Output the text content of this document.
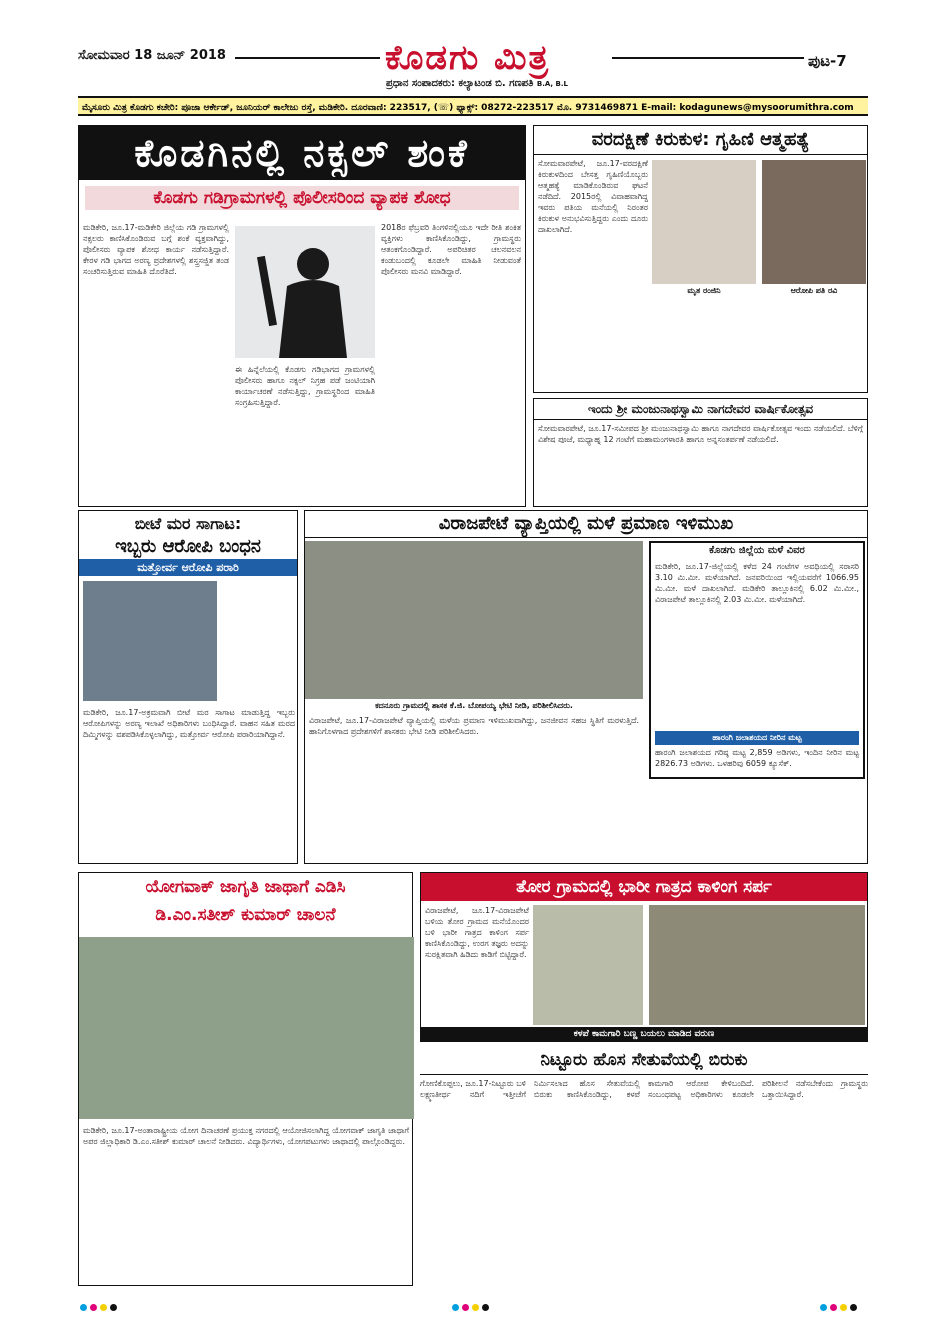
ಸೋಮವಾರ 18 ಜೂನ್ 2018	ಕೊಡಗು ಮಿತ್ರ
ಪ್ರಧಾನ ಸಂಪಾದಕರು: ಕಲ್ಯಾಟಂಡ ಬಿ. ಗಣಪತಿ B.A, B.L
ಪುಟ-7
ಮೈಸೂರು ಮಿತ್ರ ಕೊಡಗು ಕಚೇರಿ: ಪೂಜಾ ಆರ್ಕೇಡ್, ಜೂನಿಯರ್ ಕಾಲೇಜು ರಸ್ತೆ, ಮಡಿಕೇರಿ. ದೂರವಾಣಿ: 223517, (☏) ಫ್ಯಾಕ್ಸ್: 08272-223517 ಮೊ. 9731469871 E-mail: kodagunews@mysoorumithra.com
ಕೊಡಗಿನಲ್ಲಿ ನಕ್ಸಲ್ ಶಂಕೆ
ಕೊಡಗು ಗಡಿಗ್ರಾಮಗಳಲ್ಲಿ ಪೊಲೀಸರಿಂದ ವ್ಯಾಪಕ ಶೋಧ
ಮಡಿಕೇರಿ, ಜೂ.17-ಮಡಿಕೇರಿ ಜಿಲ್ಲೆಯ ಗಡಿ ಗ್ರಾಮಗಳಲ್ಲಿ ನಕ್ಸಲರು ಕಾಣಿಸಿಕೊಂಡಿರುವ ಬಗ್ಗೆ ಶಂಕೆ ವ್ಯಕ್ತವಾಗಿದ್ದು, ಪೊಲೀಸರು ವ್ಯಾಪಕ ಶೋಧ ಕಾರ್ಯ ನಡೆಸುತ್ತಿದ್ದಾರೆ. ಕೇರಳ ಗಡಿ ಭಾಗದ ಅರಣ್ಯ ಪ್ರದೇಶಗಳಲ್ಲಿ ಶಸ್ತ್ರಸಜ್ಜಿತ ತಂಡ ಸಂಚರಿಸುತ್ತಿರುವ ಮಾಹಿತಿ ದೊರೆತಿದೆ.
ಈ ಹಿನ್ನೆಲೆಯಲ್ಲಿ ಕೊಡಗು ಗಡಿಭಾಗದ ಗ್ರಾಮಗಳಲ್ಲಿ ಪೊಲೀಸರು ಹಾಗೂ ನಕ್ಸಲ್ ನಿಗ್ರಹ ಪಡೆ ಜಂಟಿಯಾಗಿ ಕಾರ್ಯಾಚರಣೆ ನಡೆಸುತ್ತಿದ್ದು, ಗ್ರಾಮಸ್ಥರಿಂದ ಮಾಹಿತಿ ಸಂಗ್ರಹಿಸುತ್ತಿದ್ದಾರೆ.
2018ರ ಫೆಬ್ರವರಿ ತಿಂಗಳಿನಲ್ಲಿಯೂ ಇದೇ ರೀತಿ ಶಂಕಿತ ವ್ಯಕ್ತಿಗಳು ಕಾಣಿಸಿಕೊಂಡಿದ್ದು, ಗ್ರಾಮಸ್ಥರು ಆತಂಕಗೊಂಡಿದ್ದಾರೆ. ಅಪರಿಚಿತರ ಚಲನವಲನ ಕಂಡುಬಂದಲ್ಲಿ ಕೂಡಲೇ ಮಾಹಿತಿ ನೀಡುವಂತೆ ಪೊಲೀಸರು ಮನವಿ ಮಾಡಿದ್ದಾರೆ.
ವರದಕ್ಷಿಣೆ ಕಿರುಕುಳ: ಗೃಹಿಣಿ ಆತ್ಮಹತ್ಯೆ
ಸೋಮವಾರಪೇಟೆ, ಜೂ.17-ವರದಕ್ಷಿಣೆ ಕಿರುಕುಳದಿಂದ ಬೇಸತ್ತ ಗೃಹಿಣಿಯೊಬ್ಬರು ಆತ್ಮಹತ್ಯೆ ಮಾಡಿಕೊಂಡಿರುವ ಘಟನೆ ನಡೆದಿದೆ. 2015ರಲ್ಲಿ ವಿವಾಹವಾಗಿದ್ದ ಇವರು ಪತಿಯ ಮನೆಯಲ್ಲಿ ನಿರಂತರ ಕಿರುಕುಳ ಅನುಭವಿಸುತ್ತಿದ್ದರು ಎಂದು ದೂರು ದಾಖಲಾಗಿದೆ.
ಮೃತ ರಂಜಿನಿ	ಆರೋಪಿ ಪತಿ ರವಿ
ಇಂದು ಶ್ರೀ ಮಂಜುನಾಥಸ್ವಾಮಿ ನಾಗದೇವರ ವಾರ್ಷಿಕೋತ್ಸವ
ಸೋಮವಾರಪೇಟೆ, ಜೂ.17-ಸಮೀಪದ ಶ್ರೀ ಮಂಜುನಾಥಸ್ವಾಮಿ ಹಾಗೂ ನಾಗದೇವರ ವಾರ್ಷಿಕೋತ್ಸವ ಇಂದು ನಡೆಯಲಿದೆ. ಬೆಳಿಗ್ಗೆ ವಿಶೇಷ ಪೂಜೆ, ಮಧ್ಯಾಹ್ನ 12 ಗಂಟೆಗೆ ಮಹಾಮಂಗಳಾರತಿ ಹಾಗೂ ಅನ್ನಸಂತರ್ಪಣೆ ನಡೆಯಲಿದೆ.
ಬೀಟೆ ಮರ ಸಾಗಾಟ:
ಇಬ್ಬರು ಆರೋಪಿ ಬಂಧನ
ಮತ್ತೋರ್ವ ಆರೋಪಿ ಪರಾರಿ
ಮಡಿಕೇರಿ, ಜೂ.17-ಅಕ್ರಮವಾಗಿ ಬೀಟೆ ಮರ ಸಾಗಾಟ ಮಾಡುತ್ತಿದ್ದ ಇಬ್ಬರು ಆರೋಪಿಗಳನ್ನು ಅರಣ್ಯ ಇಲಾಖೆ ಅಧಿಕಾರಿಗಳು ಬಂಧಿಸಿದ್ದಾರೆ. ವಾಹನ ಸಹಿತ ಮರದ ದಿಮ್ಮಿಗಳನ್ನು ವಶಪಡಿಸಿಕೊಳ್ಳಲಾಗಿದ್ದು, ಮತ್ತೋರ್ವ ಆರೋಪಿ ಪರಾರಿಯಾಗಿದ್ದಾನೆ.
ವಿರಾಜಪೇಟೆ ವ್ಯಾಪ್ತಿಯಲ್ಲಿ ಮಳೆ ಪ್ರಮಾಣ ಇಳಿಮುಖ
ಕದನೂರು ಗ್ರಾಮದಲ್ಲಿ ಶಾಸಕ ಕೆ.ಜಿ. ಬೋಪಯ್ಯ ಭೇಟಿ ನೀಡಿ, ಪರಿಶೀಲಿಸಿದರು.
ವಿರಾಜಪೇಟೆ, ಜೂ.17-ವಿರಾಜಪೇಟೆ ವ್ಯಾಪ್ತಿಯಲ್ಲಿ ಮಳೆಯ ಪ್ರಮಾಣ ಇಳಿಮುಖವಾಗಿದ್ದು, ಜನಜೀವನ ಸಹಜ ಸ್ಥಿತಿಗೆ ಮರಳುತ್ತಿದೆ. ಹಾನಿಗೊಳಗಾದ ಪ್ರದೇಶಗಳಿಗೆ ಶಾಸಕರು ಭೇಟಿ ನೀಡಿ ಪರಿಶೀಲಿಸಿದರು.
ಕೊಡಗು ಜಿಲ್ಲೆಯ ಮಳೆ ವಿವರ
ಮಡಿಕೇರಿ, ಜೂ.17-ಜಿಲ್ಲೆಯಲ್ಲಿ ಕಳೆದ 24 ಗಂಟೆಗಳ ಅವಧಿಯಲ್ಲಿ ಸರಾಸರಿ 3.10 ಮಿ.ಮೀ. ಮಳೆಯಾಗಿದೆ. ಜನವರಿಯಿಂದ ಇಲ್ಲಿಯವರೆಗೆ 1066.95 ಮಿ.ಮೀ. ಮಳೆ ದಾಖಲಾಗಿದೆ. ಮಡಿಕೇರಿ ತಾಲ್ಲೂಕಿನಲ್ಲಿ 6.02 ಮಿ.ಮೀ., ವಿರಾಜಪೇಟೆ ತಾಲ್ಲೂಕಿನಲ್ಲಿ 2.03 ಮಿ.ಮೀ. ಮಳೆಯಾಗಿದೆ.
ಹಾರಂಗಿ ಜಲಾಶಯದ ನೀರಿನ ಮಟ್ಟ
ಹಾರಂಗಿ ಜಲಾಶಯದ ಗರಿಷ್ಠ ಮಟ್ಟ 2,859 ಅಡಿಗಳು, ಇಂದಿನ ನೀರಿನ ಮಟ್ಟ 2826.73 ಅಡಿಗಳು. ಒಳಹರಿವು 6059 ಕ್ಯೂಸೆಕ್.
ಯೋಗವಾಕ್ ಜಾಗೃತಿ ಜಾಥಾಗೆ ಎಡಿಸಿ
ಡಿ.ಎಂ.ಸತೀಶ್ ಕುಮಾರ್ ಚಾಲನೆ
ಮಡಿಕೇರಿ, ಜೂ.17-ಅಂತಾರಾಷ್ಟ್ರೀಯ ಯೋಗ ದಿನಾಚರಣೆ ಪ್ರಯುಕ್ತ ನಗರದಲ್ಲಿ ಆಯೋಜಿಸಲಾಗಿದ್ದ ಯೋಗವಾಕ್ ಜಾಗೃತಿ ಜಾಥಾಗೆ ಅಪರ ಜಿಲ್ಲಾಧಿಕಾರಿ ಡಿ.ಎಂ.ಸತೀಶ್ ಕುಮಾರ್ ಚಾಲನೆ ನೀಡಿದರು. ವಿದ್ಯಾರ್ಥಿಗಳು, ಯೋಗಪಟುಗಳು ಜಾಥಾದಲ್ಲಿ ಪಾಲ್ಗೊಂಡಿದ್ದರು.
ತೋರ ಗ್ರಾಮದಲ್ಲಿ ಭಾರೀ ಗಾತ್ರದ ಕಾಳಿಂಗ ಸರ್ಪ
ವಿರಾಜಪೇಟೆ, ಜೂ.17-ವಿರಾಜಪೇಟೆ ಬಳಿಯ ತೋರ ಗ್ರಾಮದ ಮನೆಯೊಂದರ ಬಳಿ ಭಾರೀ ಗಾತ್ರದ ಕಾಳಿಂಗ ಸರ್ಪ ಕಾಣಿಸಿಕೊಂಡಿದ್ದು, ಉರಗ ತಜ್ಞರು ಅದನ್ನು ಸುರಕ್ಷಿತವಾಗಿ ಹಿಡಿದು ಕಾಡಿಗೆ ಬಿಟ್ಟಿದ್ದಾರೆ.
ಕಳಪೆ ಕಾಮಗಾರಿ ಬಣ್ಣ ಬಯಲು ಮಾಡಿದ ವರುಣ
ನಿಟ್ಟೂರು ಹೊಸ ಸೇತುವೆಯಲ್ಲಿ ಬಿರುಕು
ಗೋಣಿಕೊಪ್ಪಲು, ಜೂ.17-ನಿಟ್ಟೂರು ಬಳಿ ಲಕ್ಷ್ಮಣತೀರ್ಥ ನದಿಗೆ ಇತ್ತೀಚೆಗೆ ನಿರ್ಮಿಸಲಾದ ಹೊಸ ಸೇತುವೆಯಲ್ಲಿ ಬಿರುಕು ಕಾಣಿಸಿಕೊಂಡಿದ್ದು, ಕಳಪೆ ಕಾಮಗಾರಿ ಆರೋಪ ಕೇಳಿಬಂದಿದೆ. ಸಂಬಂಧಪಟ್ಟ ಅಧಿಕಾರಿಗಳು ಕೂಡಲೇ ಪರಿಶೀಲನೆ ನಡೆಸಬೇಕೆಂದು ಗ್ರಾಮಸ್ಥರು ಒತ್ತಾಯಿಸಿದ್ದಾರೆ.
